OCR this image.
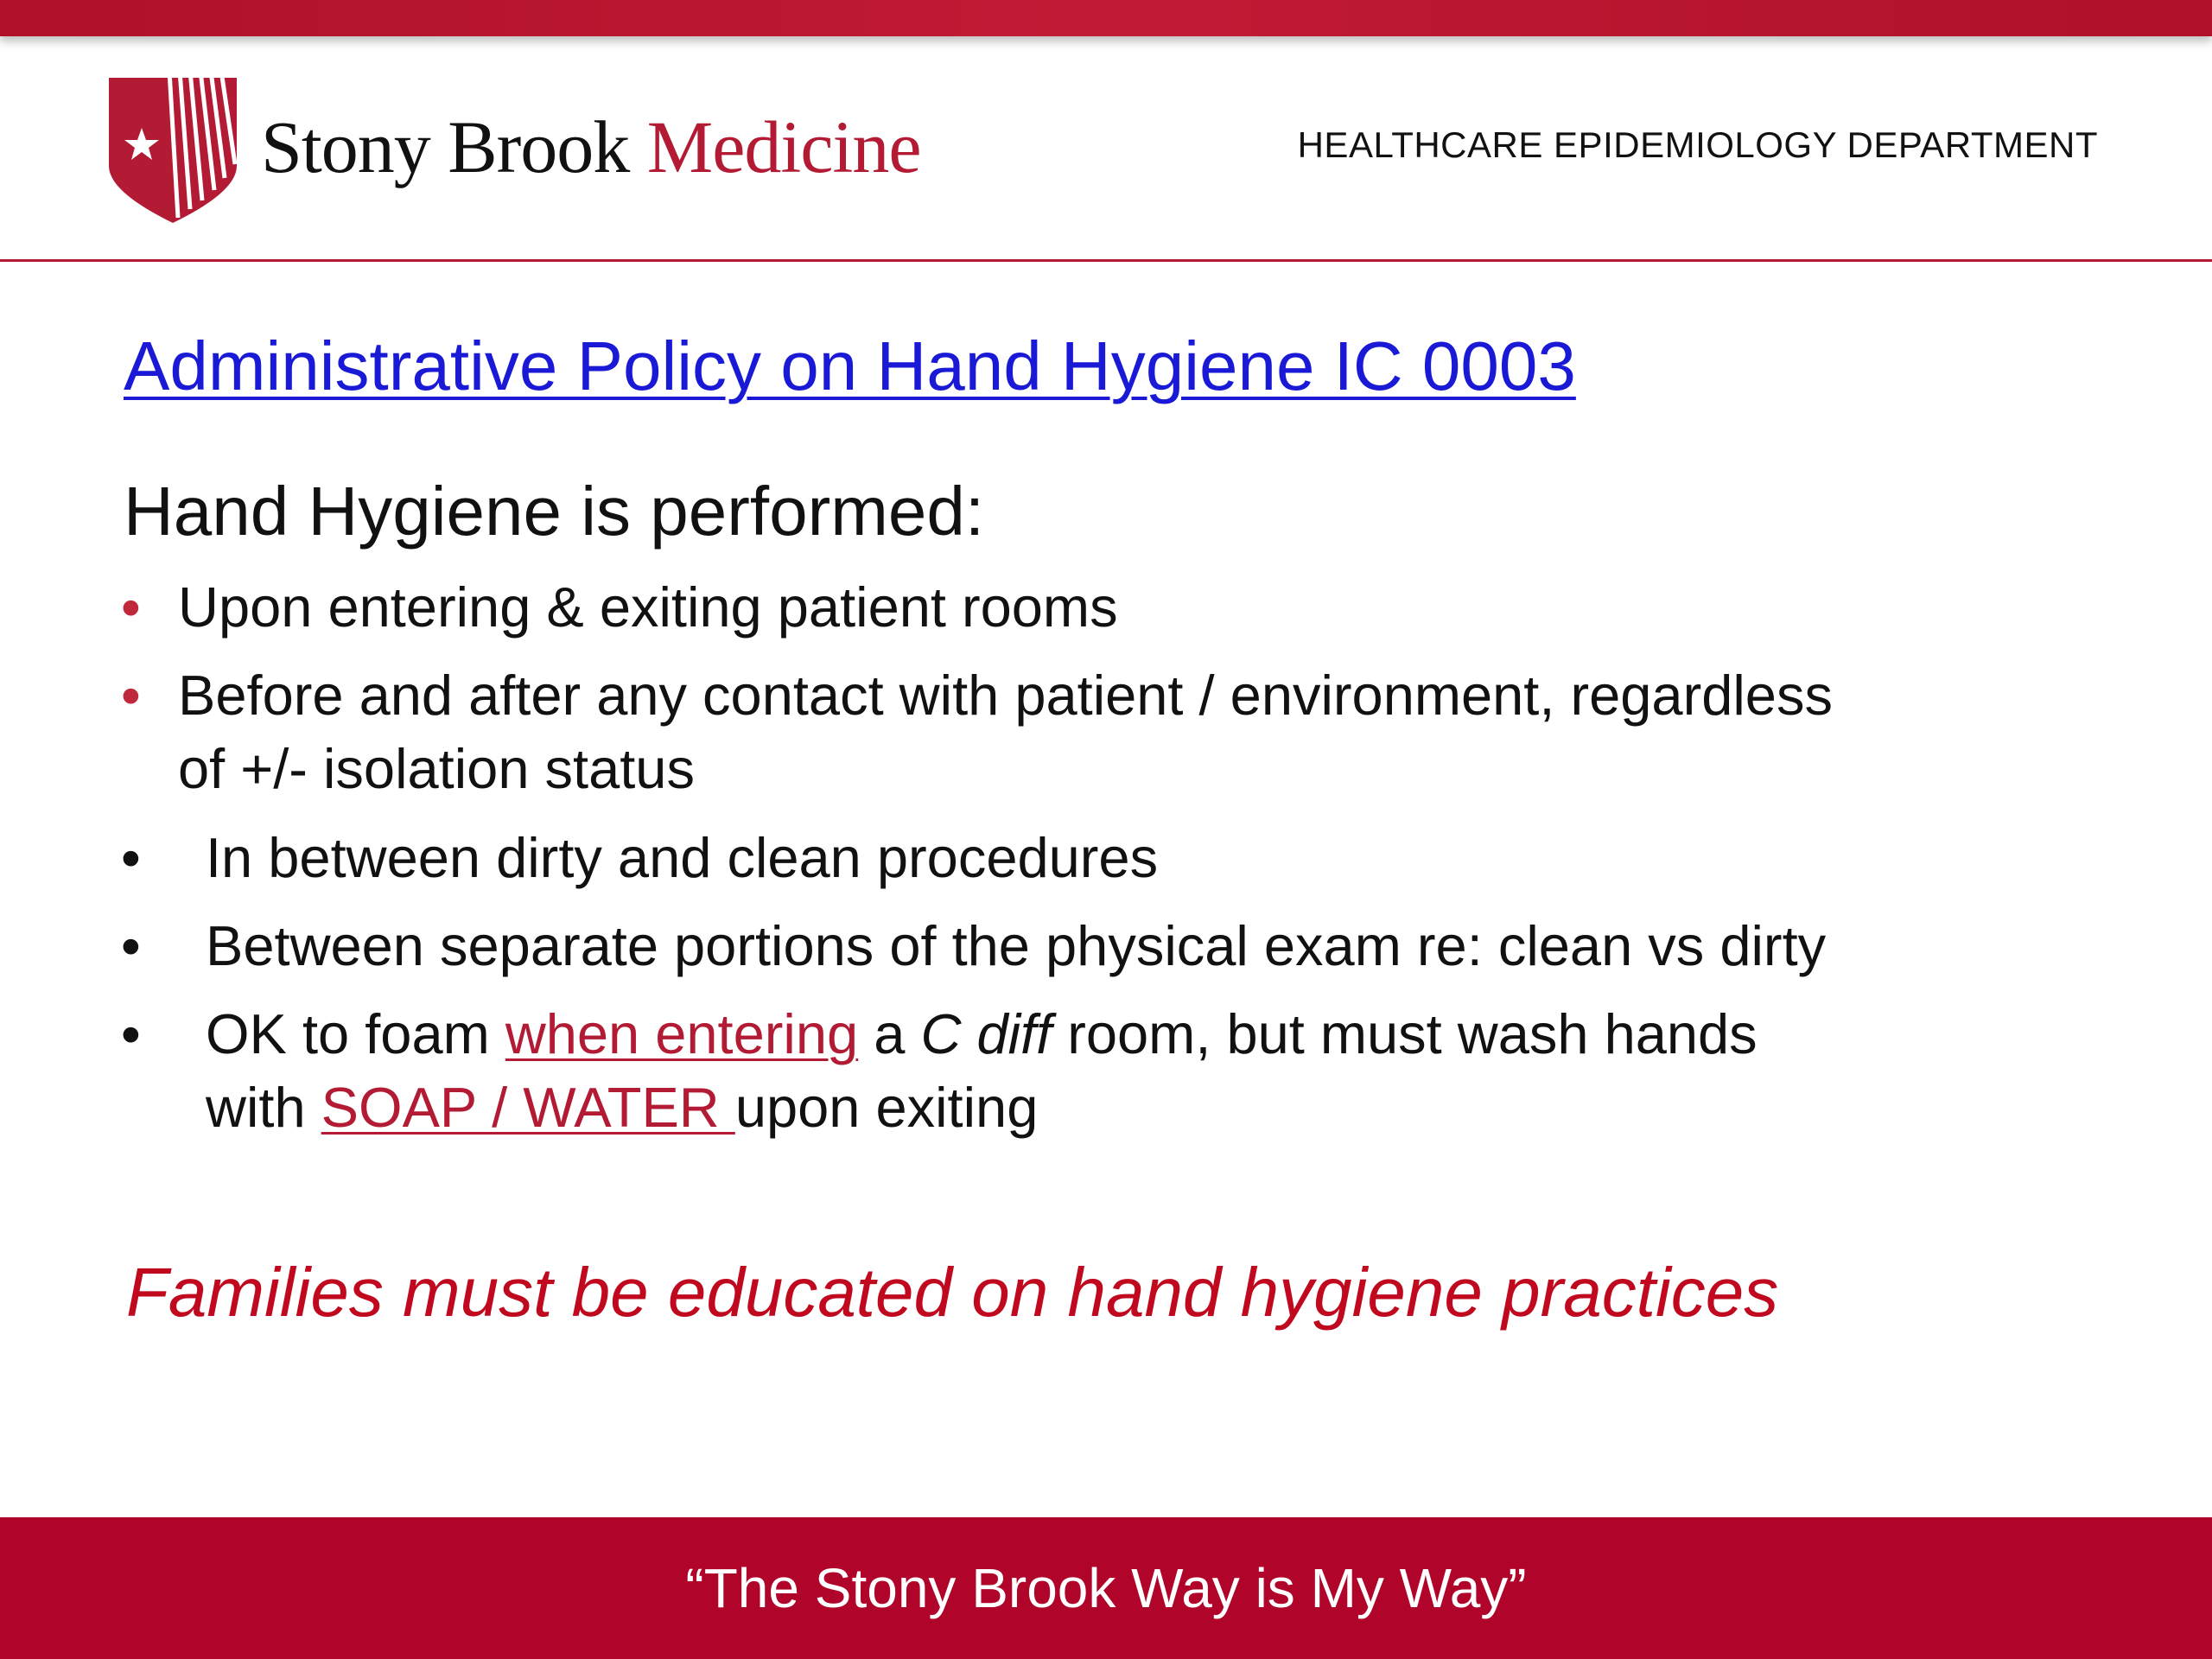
Stony Brook Medicine	HEALTHCARE EPIDEMIOLOGY DEPARTMENT
Administrative Policy on Hand Hygiene IC 0003
Hand Hygiene is performed:
• Upon entering & exiting patient rooms
• Before and after any contact with patient / environment, regardless
of +/- isolation status
•	In between dirty and clean procedures
•	Between separate portions of the physical exam re: clean vs dirty
•	OK to foam when entering a C diff room, but must wash hands
with SOAP / WATER upon exiting
Families must be educated on hand hygiene practices
“The Stony Brook Way is My Way”
